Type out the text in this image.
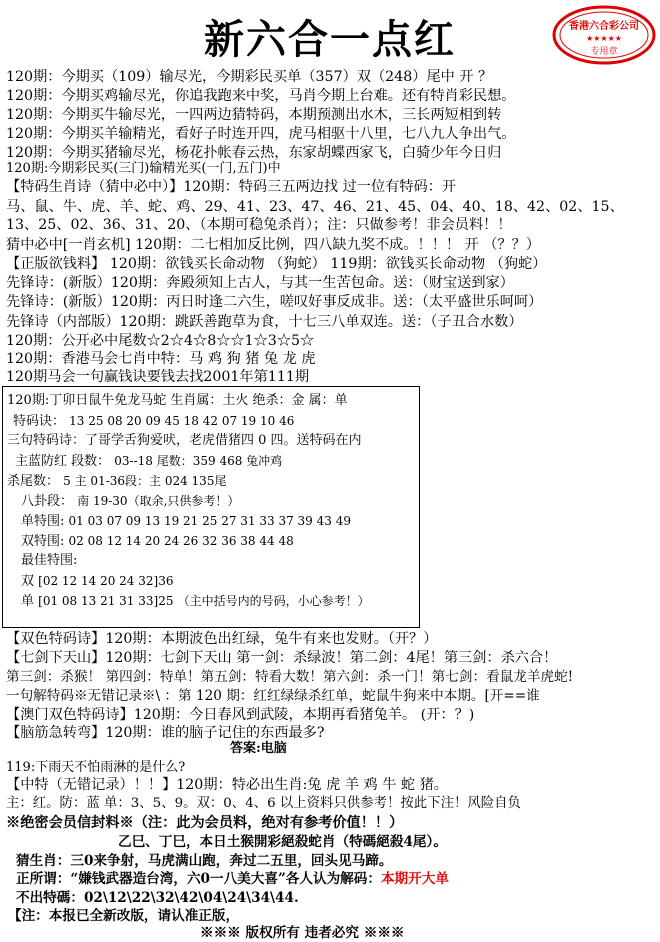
新六合一点红	香港六合彩公司
★★★★★
专用章
120期：今期买（109）输尽光，今期彩民买单（357）双（248）尾中 开 ？
120期：今期买鸡输尽光，你追我跑来中奖，马肖今期上台难。还有特肖彩民想。
120期：今期买牛输尽光，一四两边猜特码，本期预测出水木，三长两短相到转
120期：今期买羊输精光，看好子时连开四，虎马相驱十八里，七八九人争出气。
120期：今期买猪输尽光，杨花扑帐春云热，东家胡蝶西家飞，白骑少年今日归
120期:今期彩民买(三门)输精光买(一门,五门)中
【特码生肖诗（猜中必中）】120期：特码三五两边找 过一位有特码：开
马、鼠、牛、虎、羊、蛇、鸡、29、41、23、47、46、21、45、04、40、18、42、02、15、
13、25、02、36、31、20、（本期可稳兔杀肖）；注：只做参考！非会员料！！
猜中必中[一肖玄机] 120期：二七相加反比例，四八缺九奖不成。！！！ 开 （？？）
【正版欲钱料】 120期：欲钱买长命动物 （狗蛇） 119期：欲钱买长命动物 （狗蛇）
先锋诗：(新版）120期：奔殿须知上古人，与其一生苦包命。送：（财宝送到家）
先锋诗：(新版）120期：丙日时逢二六生，嗟叹好事反成非。送：（太平盛世乐呵呵）
先锋诗（内部版）120期：跳跃善跑草为食，十七三八单双连。送：（子丑合水数）
120期：公开必中尾数☆2☆4☆8☆☆1☆3☆5☆
120期：香港马会七肖中特：马 鸡 狗 猪 兔 龙 虎
120期马会一句赢钱诀要钱去找2001年第111期
120期:丁卯日鼠牛免龙马蛇 生肖属：土火 绝杀：金 属：单
特码诀： 13 25 08 20 09 45 18 42 07 19 10 46
三句特码诗：了哥学舌狗爱吠，老虎借猪四 0 四。送特码在内
主蓝防红 段数： 03--18 尾数：359 468 兔冲鸡
杀尾数： 5 主 01-36段：主 024 135尾
八卦段： 南 19-30（取余,只供参考！）
单特围: 01 03 07 09 13 19 21 25 27 31 33 37 39 43 49
双特围: 02 08 12 14 20 24 26 32 36 38 44 48
最佳特围:
双 [02 12 14 20 24 32]36
单 [01 08 13 21 31 33]25 （主中括号内的号码，小心参考！）
【双色特码诗】120期：本期波色出红绿，兔牛有来也发财。（开？）
【七剑下天山】120期：七剑下天山 第一剑：杀绿波！第二剑：4尾！第三剑：杀六合！
第三剑：杀猴！ 第四剑：特单！第五剑：特看大数！第六剑：杀一门！第七剑：看鼠龙羊虎蛇!
一句解特码※无错记录※\ ：第 120 期：红红绿绿杀红单，蛇鼠牛狗来中本期。[开==谁
【澳门双色特码诗】120期：今日春风到武陵，本期再看猪兔羊。 (开：？)
【脑筋急转弯】120期：谁的脑子记住的东西最多?
答案:电脑
119:下雨天不怕雨淋的是什么?
【中特（无错记录）！！】120期：特必出生肖:兔 虎 羊 鸡 牛 蛇 猪。
主：红。防：蓝 单：3、5、9。双：0、4、6 以上资料只供参考！按此下注！风险自负
※绝密会员信封料※（注：此为会员料，绝对有参考价值！！）
乙巳、丁巳，本日土猴開彩絕殺蛇肖（特碼絕殺4尾）。
猜生肖：三0来争射，马虎满山跑，奔过二五里，回头见马蹄。
正所谓：“嫌钱武器造台湾，六0一八美大喜”各人认为解码：本期开大单
不出特碼：02\12\22\32\42\04\24\34\44.
【注：本报已全新改版，请认准正版，
※※※ 版权所有 违者必究 ※※※
